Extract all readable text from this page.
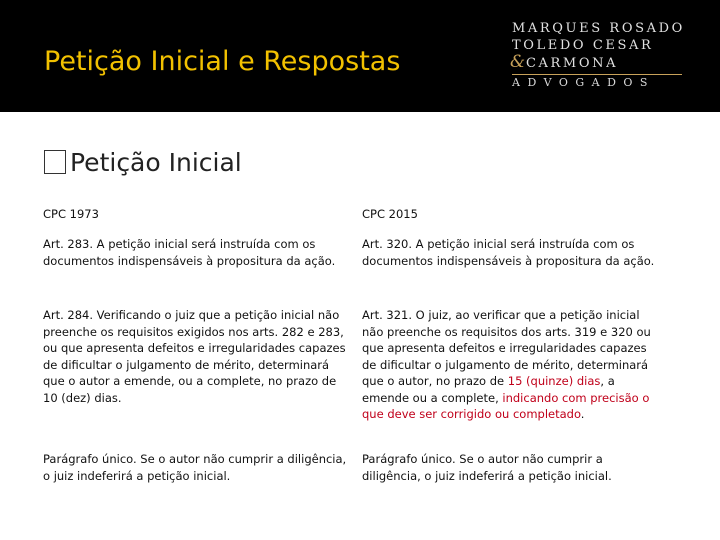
Petição Inicial e Respostas
MARQUES ROSADO
TOLEDO CESAR
& CARMONA
ADVOGADOS
Petição Inicial
CPC 1973
Art. 283. A petição inicial será instruída com os documentos indispensáveis à propositura da ação.
Art. 284. Verificando o juiz que a petição inicial não preenche os requisitos exigidos nos arts. 282 e 283, ou que apresenta defeitos e irregularidades capazes de dificultar o julgamento de mérito, determinará que o autor a emende, ou a complete, no prazo de 10 (dez) dias.
Parágrafo único. Se o autor não cumprir a diligência, o juiz indeferirá a petição inicial.
CPC 2015
Art. 320. A petição inicial será instruída com os documentos indispensáveis à propositura da ação.
Art. 321. O juiz, ao verificar que a petição inicial não preenche os requisitos dos arts. 319 e 320 ou que apresenta defeitos e irregularidades capazes de dificultar o julgamento de mérito, determinará que o autor, no prazo de 15 (quinze) dias, a emende ou a complete, indicando com precisão o que deve ser corrigido ou completado.
Parágrafo único. Se o autor não cumprir a diligência, o juiz indeferirá a petição inicial.
